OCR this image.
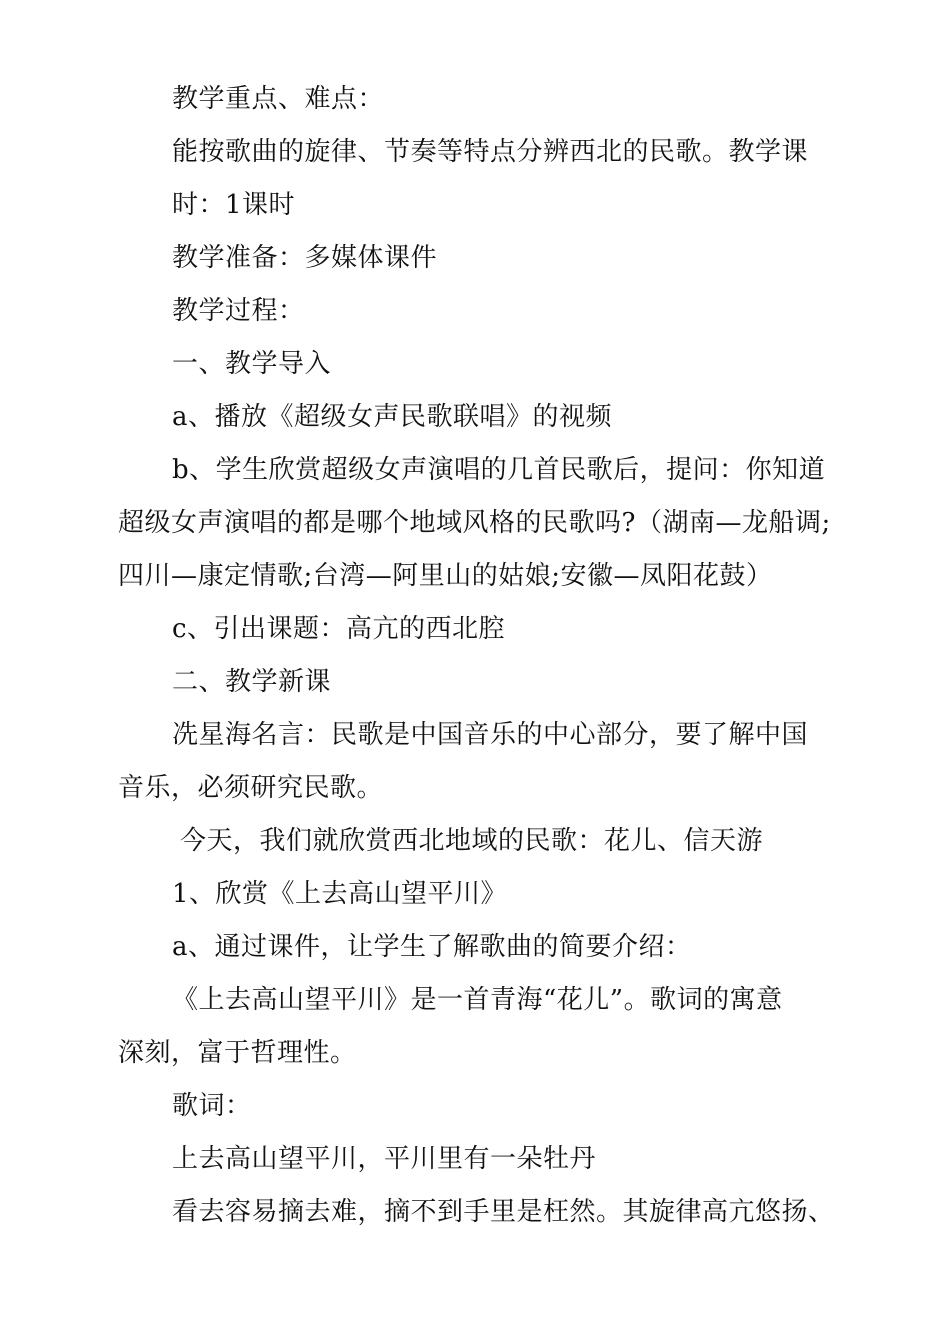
教学重点、难点：
能按歌曲的旋律、节奏等特点分辨西北的民歌。教学课
时：1课时
教学准备：多媒体课件
教学过程：
一、教学导入
a、播放《超级女声民歌联唱》的视频
b、学生欣赏超级女声演唱的几首民歌后，提问：你知道
超级女声演唱的都是哪个地域风格的民歌吗?（湖南—龙船调;
四川—康定情歌;台湾—阿里山的姑娘;安徽—凤阳花鼓）
c、引出课题：高亢的西北腔
二、教学新课
冼星海名言：民歌是中国音乐的中心部分，要了解中国
音乐，必须研究民歌。
今天，我们就欣赏西北地域的民歌：花儿、信天游
1、欣赏《上去高山望平川》
a、通过课件，让学生了解歌曲的简要介绍：
《上去高山望平川》是一首青海“花儿”。歌词的寓意
深刻，富于哲理性。
歌词：
上去高山望平川，平川里有一朵牡丹
看去容易摘去难，摘不到手里是枉然。其旋律高亢悠扬、
